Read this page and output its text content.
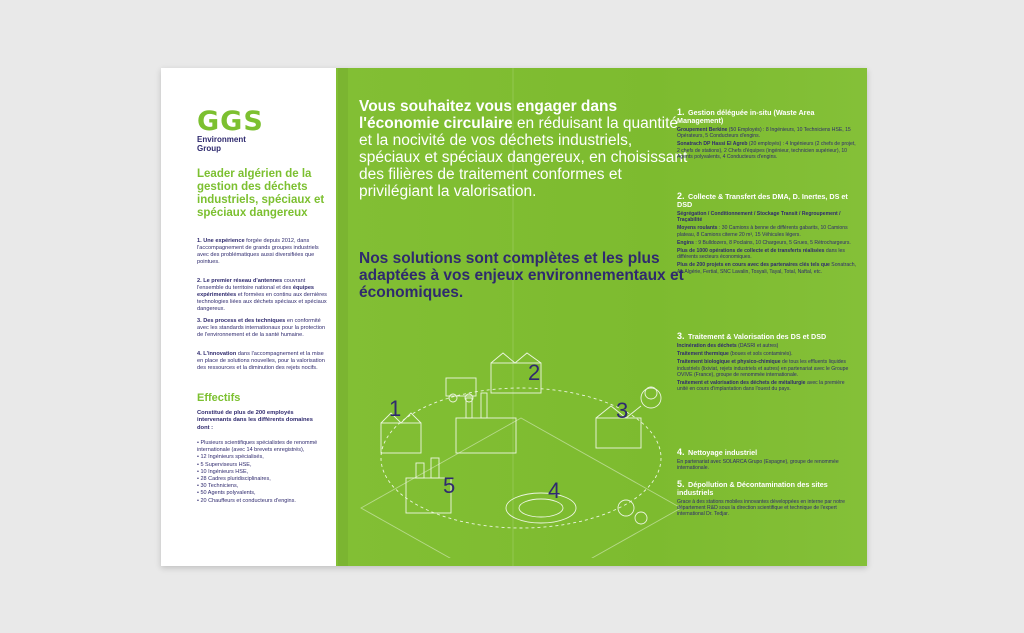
GGS
Environment
Group
Leader algérien de la gestion des déchets industriels, spéciaux et spéciaux dangereux
1. Une expérience forgée depuis 2012, dans l'accompagnement de grands groupes industriels avec des problématiques aussi diversifiées que pointues.
2. Le premier réseau d'antennes couvrant l'ensemble du territoire national et des équipes expérimentées et formées en continu aux dernières technologies liées aux déchets spéciaux et spéciaux dangereux.
3. Des process et des techniques en conformité avec les standards internationaux pour la protection de l'environnement et de la santé humaine.
4. L'innovation dans l'accompagnement et la mise en place de solutions nouvelles, pour la valorisation des ressources et la diminution des rejets nocifs.
Effectifs
Constitué de plus de 200 employés intervenants dans les différents domaines dont :
• Plusieurs scientifiques spécialistes de renommé internationale (avec 14 brevets enregistrés),
• 12 Ingénieurs spécialisés,
• 5 Superviseurs HSE,
• 10 Ingénieurs HSE,
• 28 Cadres pluridisciplinaires,
• 30 Techniciens,
• 50 Agents polyvalents,
• 20 Chauffeurs et conducteurs d'engins.
Vous souhaitez vous engager dans l'économie circulaire en réduisant la quantité et la nocivité de vos déchets industriels, spéciaux et spéciaux dangereux, en choisissant des filières de traitement conformes et privilégiant la valorisation.
Nos solutions sont complètes et les plus adaptées à vos enjeux environnementaux et économiques.
1
2
3
4
5
1. Gestion déléguée in-situ (Waste Area Management)
Groupement Berkine (50 Employés) : 8 Ingénieurs, 10 Techniciens HSE, 15 Opérateurs, 5 Conducteurs d'engins.
Sonatrach DP Hassi El Agreb (20 employés) : 4 Ingénieurs (2 chefs de projet, 2 chefs de stations), 2 Chefs d'équipes (ingénieur, technicien supérieur), 10 Agents polyvalents, 4 Conducteurs d'engins.
2. Collecte & Transfert des DMA, D. Inertes, DS et DSD
Ségrégation / Conditionnement / Stockage Transit / Regroupement / Traçabilité
Moyens roulants : 30 Camions à benne de différents gabarits, 10 Camions plateau, 8 Camions citerne 20 m³, 15 Véhicules légers.
Engins : 9 Bulldozers, 8 Poclains, 10 Chargeurs, 5 Grues, 5 Rétrochargeurs.
Plus de 1000 opérations de collecte et de transferts réalisées dans les différents secteurs économiques.
Plus de 200 projets en cours avec des partenaires clés tels que Sonatrach, Air Algérie, Fertial, SNC Lavalin, Tosyali, Tayal, Total, Naftal, etc.
3. Traitement & Valorisation des DS et DSD
Incinération des déchets (DASRI et autres)
Traitement thermique (boues et sols contaminés).
Traitement biologique et physico-chimique de tous les effluents liquides industriels (lixiviat, rejets industriels et autres) en partenariat avec le Groupe OVIVE (France), groupe de renommée internationale.
Traitement et valorisation des déchets de métallurgie avec la première unité en cours d'implantation dans l'ouest du pays.
4. Nettoyage industriel
En partenariat avec SOLARCA Grupo (Espagne), groupe de renommée internationale.
5. Dépollution & Décontamination des sites industriels
Grace à des stations mobiles innovantes développées en interne par notre département R&D sous la direction scientifique et technique de l'expert international Dr. Tedjar.
